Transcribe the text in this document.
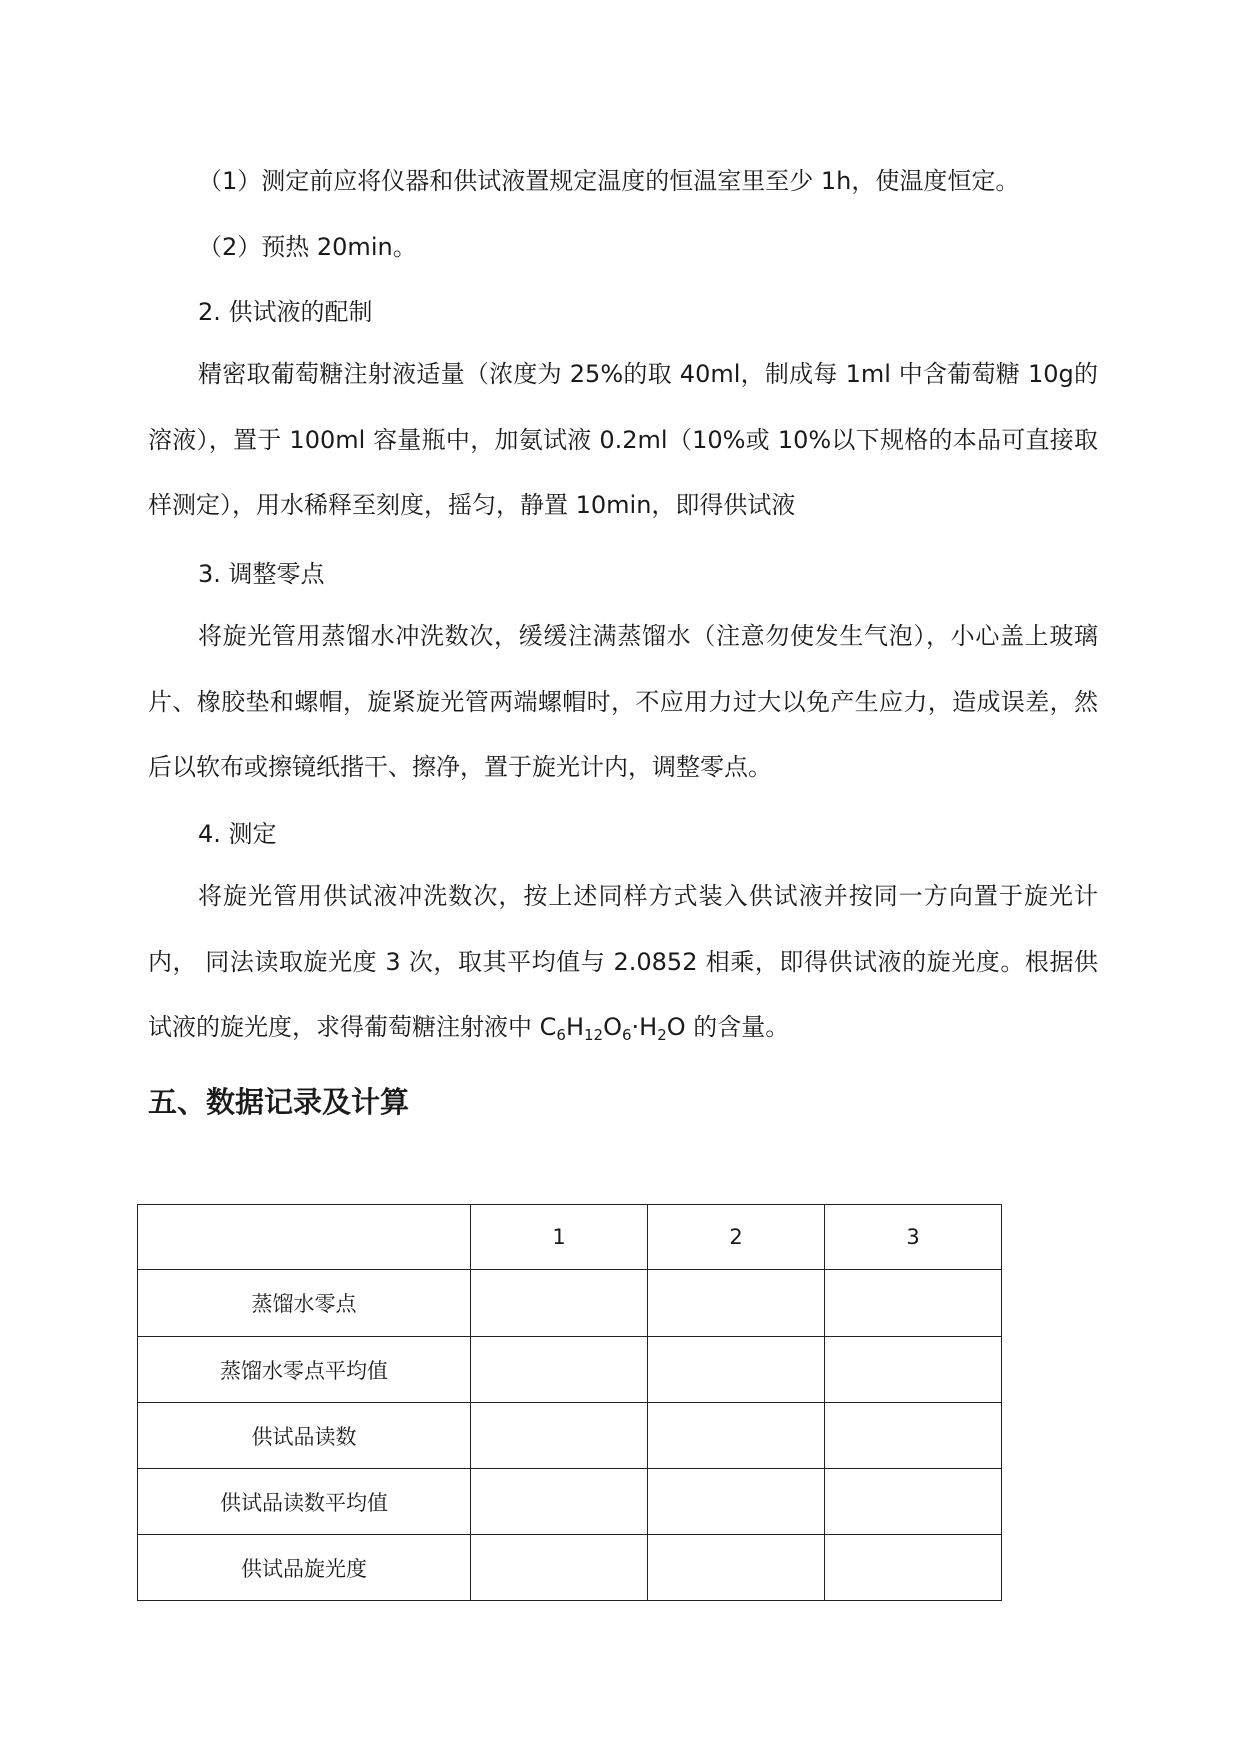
（1）测定前应将仪器和供试液置规定温度的恒温室里至少 1h，使温度恒定。
（2）预热 20min。
2. 供试液的配制
精密取葡萄糖注射液适量（浓度为 25%的取 40ml，制成每 1ml 中含葡萄糖 10g的溶液），置于 100ml 容量瓶中，加氨试液 0.2ml（10%或 10%以下规格的本品可直接取样测定），用水稀释至刻度，摇匀，静置 10min，即得供试液
3. 调整零点
将旋光管用蒸馏水冲洗数次，缓缓注满蒸馏水（注意勿使发生气泡），小心盖上玻璃片、橡胶垫和螺帽，旋紧旋光管两端螺帽时，不应用力过大以免产生应力，造成误差，然后以软布或擦镜纸揩干、擦净，置于旋光计内，调整零点。
4. 测定
将旋光管用供试液冲洗数次，按上述同样方式装入供试液并按同一方向置于旋光计内， 同法读取旋光度 3 次，取其平均值与 2.0852 相乘，即得供试液的旋光度。根据供试液的旋光度，求得葡萄糖注射液中 $C_6H_{12}O_6\cdot H_2O$ 的含量。
五、数据记录及计算
	1	2	3
蒸馏水零点			
蒸馏水零点平均值			
供试品读数			
供试品读数平均值			
供试品旋光度			
